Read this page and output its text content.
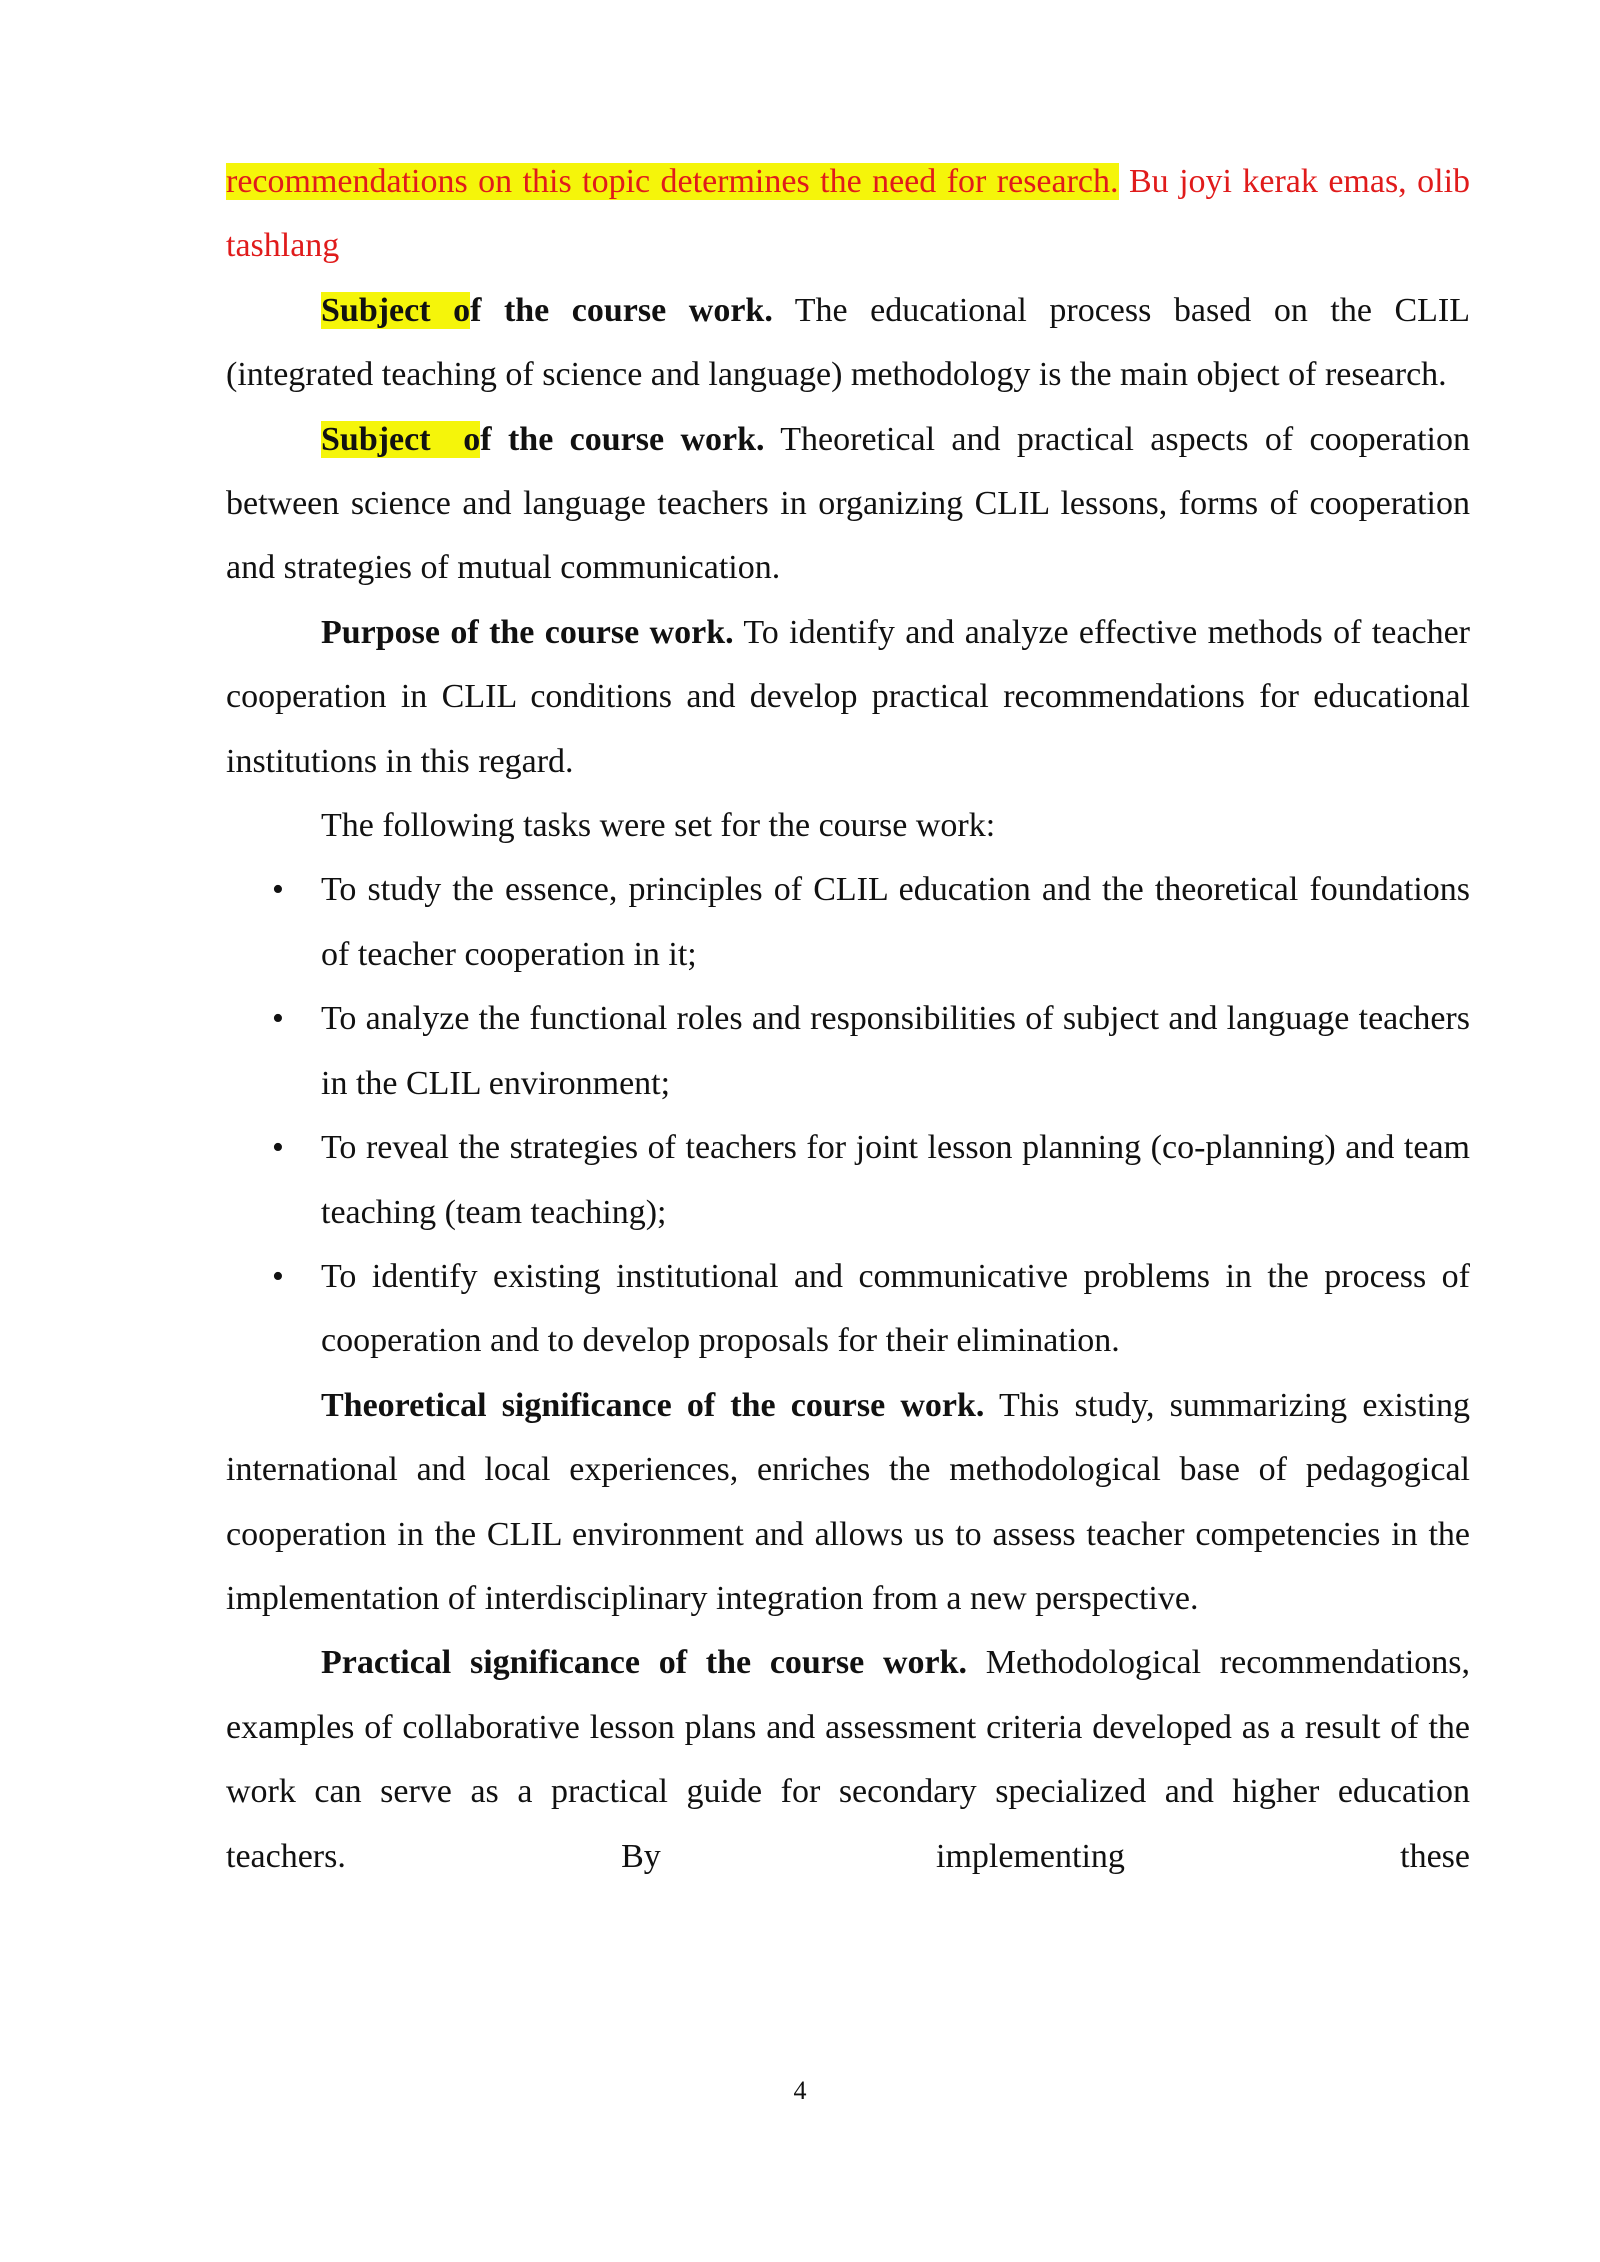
recommendations on this topic determines the need for research. Bu joyi kerak emas, olib tashlang

Subject of the course work. The educational process based on the CLIL (integrated teaching of science and language) methodology is the main object of research.

Subject  of the course work. Theoretical and practical aspects of cooperation between science and language teachers in organizing CLIL lessons, forms of cooperation and strategies of mutual communication.

Purpose of the course work. To identify and analyze effective methods of teacher cooperation in CLIL conditions and develop practical recommendations for educational institutions in this regard.

The following tasks were set for the course work:

• To study the essence, principles of CLIL education and the theoretical foundations of teacher cooperation in it;
• To analyze the functional roles and responsibilities of subject and language teachers in the CLIL environment;
• To reveal the strategies of teachers for joint lesson planning (co-planning) and team teaching (team teaching);
• To identify existing institutional and communicative problems in the process of cooperation and to develop proposals for their elimination.

Theoretical significance of the course work. This study, summarizing existing international and local experiences, enriches the methodological base of pedagogical cooperation in the CLIL environment and allows us to assess teacher competencies in the implementation of interdisciplinary integration from a new perspective.

Practical significance of the course work. Methodological recommendations, examples of collaborative lesson plans and assessment criteria developed as a result of the work can serve as a practical guide for secondary specialized and higher education teachers. By implementing these

4
